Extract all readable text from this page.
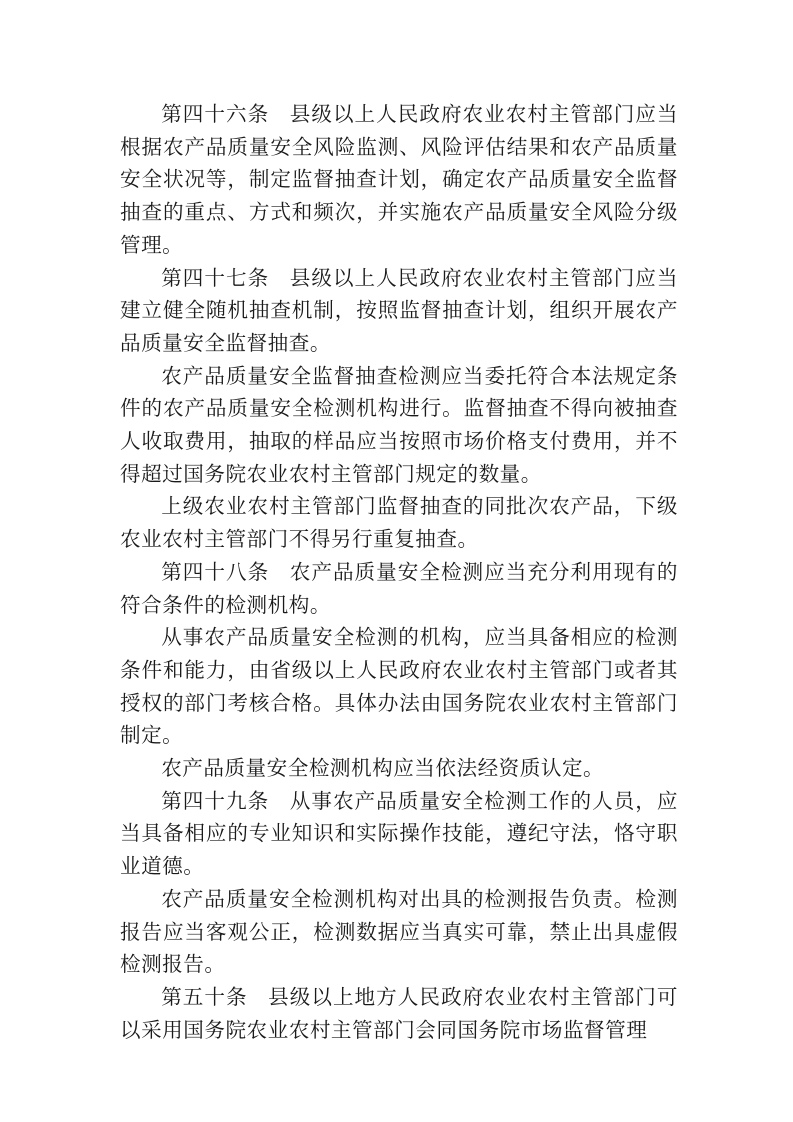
第四十六条 县级以上人民政府农业农村主管部门应当根据农产品质量安全风险监测、风险评估结果和农产品质量安全状况等，制定监督抽查计划，确定农产品质量安全监督抽查的重点、方式和频次，并实施农产品质量安全风险分级管理。

第四十七条 县级以上人民政府农业农村主管部门应当建立健全随机抽查机制，按照监督抽查计划，组织开展农产品质量安全监督抽查。

农产品质量安全监督抽查检测应当委托符合本法规定条件的农产品质量安全检测机构进行。监督抽查不得向被抽查人收取费用，抽取的样品应当按照市场价格支付费用，并不得超过国务院农业农村主管部门规定的数量。

上级农业农村主管部门监督抽查的同批次农产品，下级农业农村主管部门不得另行重复抽查。

第四十八条 农产品质量安全检测应当充分利用现有的符合条件的检测机构。

从事农产品质量安全检测的机构，应当具备相应的检测条件和能力，由省级以上人民政府农业农村主管部门或者其授权的部门考核合格。具体办法由国务院农业农村主管部门制定。

农产品质量安全检测机构应当依法经资质认定。

第四十九条 从事农产品质量安全检测工作的人员，应当具备相应的专业知识和实际操作技能，遵纪守法，恪守职业道德。

农产品质量安全检测机构对出具的检测报告负责。检测报告应当客观公正，检测数据应当真实可靠，禁止出具虚假检测报告。

第五十条 县级以上地方人民政府农业农村主管部门可以采用国务院农业农村主管部门会同国务院市场监督管理
